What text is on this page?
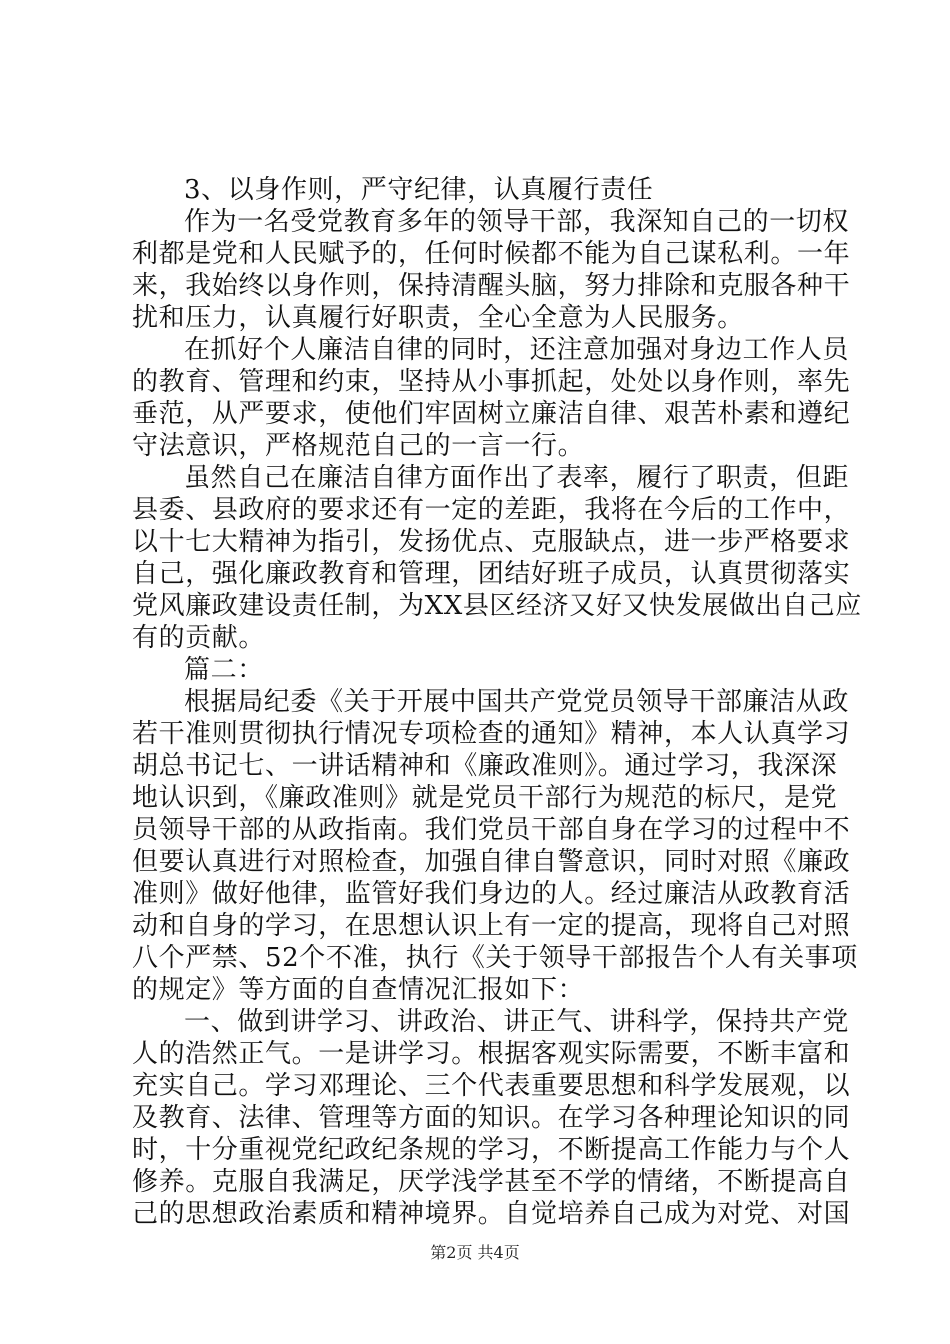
3、以身作则，严守纪律，认真履行责任
作为一名受党教育多年的领导干部，我深知自己的一切权
利都是党和人民赋予的，任何时候都不能为自己谋私利。一年
来，我始终以身作则，保持清醒头脑，努力排除和克服各种干
扰和压力，认真履行好职责，全心全意为人民服务。
在抓好个人廉洁自律的同时，还注意加强对身边工作人员
的教育、管理和约束，坚持从小事抓起，处处以身作则，率先
垂范，从严要求，使他们牢固树立廉洁自律、艰苦朴素和遵纪
守法意识，严格规范自己的一言一行。
虽然自己在廉洁自律方面作出了表率，履行了职责，但距
县委、县政府的要求还有一定的差距，我将在今后的工作中，
以十七大精神为指引，发扬优点、克服缺点，进一步严格要求
自己，强化廉政教育和管理，团结好班子成员，认真贯彻落实
党风廉政建设责任制，为XX县区经济又好又快发展做出自己应
有的贡献。
篇二：
根据局纪委《关于开展中国共产党党员领导干部廉洁从政
若干准则贯彻执行情况专项检查的通知》精神，本人认真学习
胡总书记七、一讲话精神和《廉政准则》。通过学习，我深深
地认识到，《廉政准则》就是党员干部行为规范的标尺，是党
员领导干部的从政指南。我们党员干部自身在学习的过程中不
但要认真进行对照检查，加强自律自警意识，同时对照《廉政
准则》做好他律，监管好我们身边的人。经过廉洁从政教育活
动和自身的学习，在思想认识上有一定的提高，现将自己对照
八个严禁、52个不准，执行《关于领导干部报告个人有关事项
的规定》等方面的自查情况汇报如下：
一、做到讲学习、讲政治、讲正气、讲科学，保持共产党
人的浩然正气。一是讲学习。根据客观实际需要，不断丰富和
充实自己。学习邓理论、三个代表重要思想和科学发展观，以
及教育、法律、管理等方面的知识。在学习各种理论知识的同
时，十分重视党纪政纪条规的学习，不断提高工作能力与个人
修养。克服自我满足，厌学浅学甚至不学的情绪，不断提高自
己的思想政治素质和精神境界。自觉培养自己成为对党、对国
第2页 共4页
